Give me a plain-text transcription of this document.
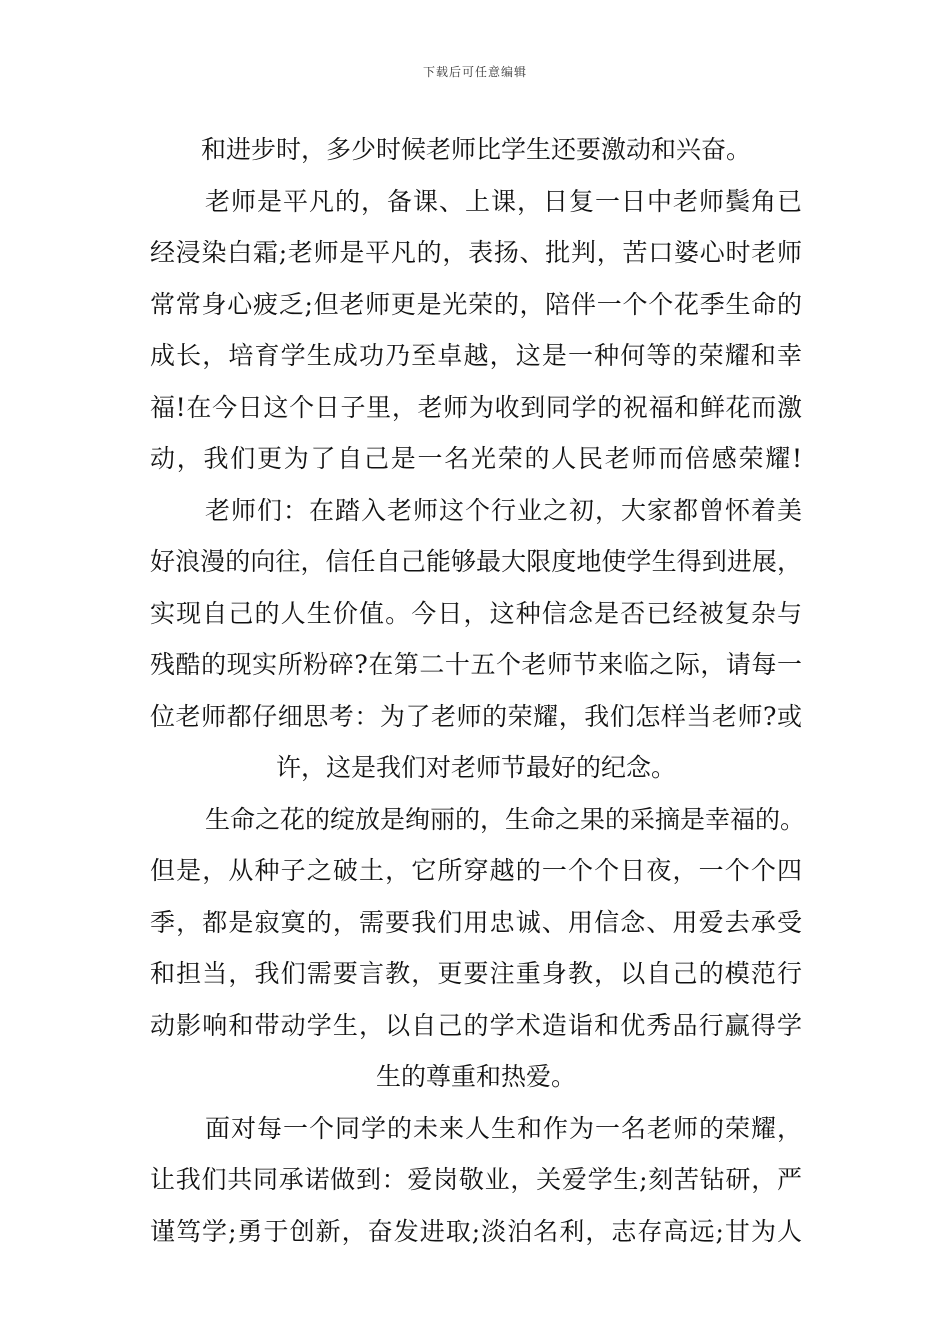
下载后可任意编辑
和进步时，多少时候老师比学生还要激动和兴奋。
老师是平凡的，备课、上课，日复一日中老师鬓角已
经浸染白霜;老师是平凡的，表扬、批判，苦口婆心时老师
常常身心疲乏;但老师更是光荣的，陪伴一个个花季生命的
成长，培育学生成功乃至卓越，这是一种何等的荣耀和幸
福!在今日这个日子里，老师为收到同学的祝福和鲜花而激
动，我们更为了自己是一名光荣的人民老师而倍感荣耀!
老师们：在踏入老师这个行业之初，大家都曾怀着美
好浪漫的向往，信任自己能够最大限度地使学生得到进展，
实现自己的人生价值。今日，这种信念是否已经被复杂与
残酷的现实所粉碎?在第二十五个老师节来临之际，请每一
位老师都仔细思考：为了老师的荣耀，我们怎样当老师?或
许，这是我们对老师节最好的纪念。
生命之花的绽放是绚丽的，生命之果的采摘是幸福的。
但是，从种子之破土，它所穿越的一个个日夜，一个个四
季，都是寂寞的，需要我们用忠诚、用信念、用爱去承受
和担当，我们需要言教，更要注重身教，以自己的模范行
动影响和带动学生，以自己的学术造诣和优秀品行赢得学
生的尊重和热爱。
面对每一个同学的未来人生和作为一名老师的荣耀，
让我们共同承诺做到：爱岗敬业，关爱学生;刻苦钻研，严
谨笃学;勇于创新，奋发进取;淡泊名利，志存高远;甘为人
